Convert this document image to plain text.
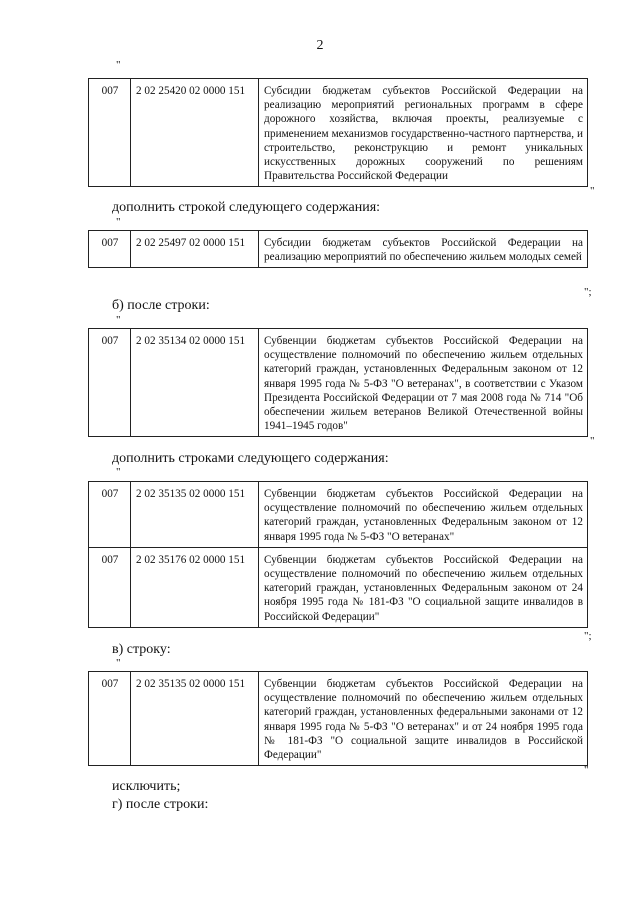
2
"
007	2 02 25420 02 0000 151	Субсидии бюджетам субъектов Российской Федерации на реализацию мероприятий региональных программ в сфере дорожного хозяйства, включая проекты, реализуемые с применением механизмов государственно-частного партнерства, и строительство, реконструкцию и ремонт уникальных искусственных дорожных сооружений по решениям Правительства Российской Федерации
"
дополнить строкой следующего содержания:
"
007	2 02 25497 02 0000 151	Субсидии бюджетам субъектов Российской Федерации на реализацию мероприятий по обеспечению жильем молодых семей
";
б) после строки:
"
007	2 02 35134 02 0000 151	Субвенции бюджетам субъектов Российской Федерации на осуществление полномочий по обеспечению жильем отдельных категорий граждан, установленных Федеральным законом от 12 января 1995 года № 5-ФЗ "О ветеранах", в соответствии с Указом Президента Российской Федерации от 7 мая 2008 года № 714 "Об обеспечении жильем ветеранов Великой Отечественной войны 1941–1945 годов"
"
дополнить строками следующего содержания:
"
007	2 02 35135 02 0000 151	Субвенции бюджетам субъектов Российской Федерации на осуществление полномочий по обеспечению жильем отдельных категорий граждан, установленных Федеральным законом от 12 января 1995 года № 5-ФЗ "О ветеранах"
007	2 02 35176 02 0000 151	Субвенции бюджетам субъектов Российской Федерации на осуществление полномочий по обеспечению жильем отдельных категорий граждан, установленных Федеральным законом от 24 ноября 1995 года № 181-ФЗ "О социальной защите инвалидов в Российской Федерации"
";
в) строку:
"
007	2 02 35135 02 0000 151	Субвенции бюджетам субъектов Российской Федерации на осуществление полномочий по обеспечению жильем отдельных категорий граждан, установленных федеральными законами от 12 января 1995 года № 5-ФЗ "О ветеранах" и от 24 ноября 1995 года № 181-ФЗ "О социальной защите инвалидов в Российской Федерации"
"
исключить;
г) после строки:
